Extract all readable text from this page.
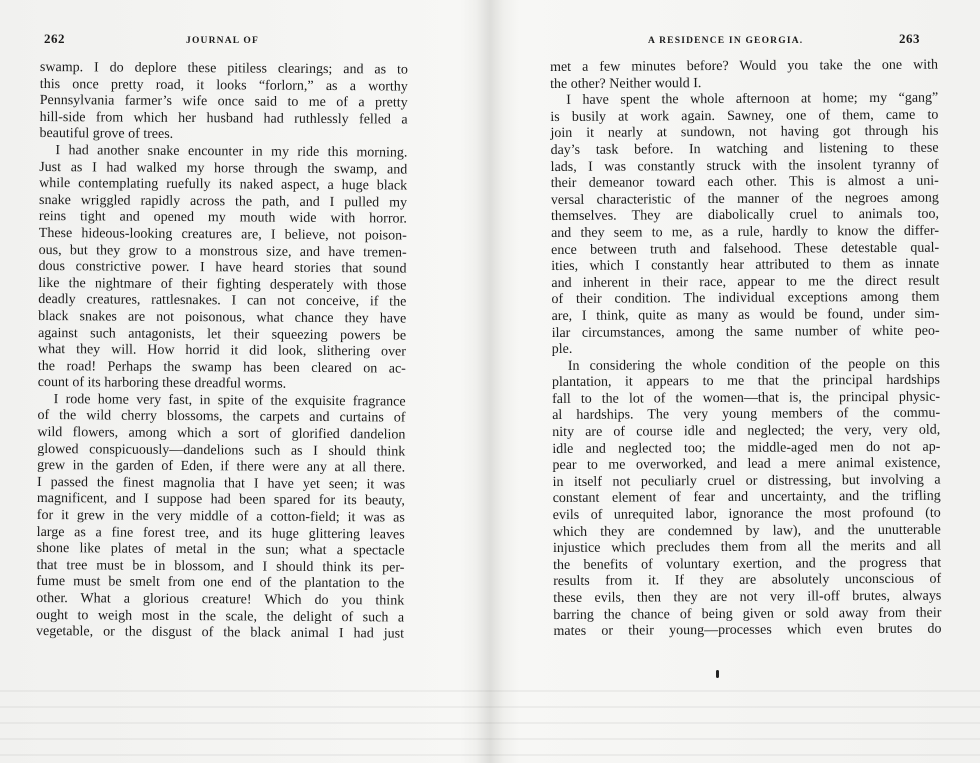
262	JOURNAL OF
swamp. I do deplore these pitiless clearings; and as to
this once pretty road, it looks “forlorn,” as a worthy
Pennsylvania farmer’s wife once said to me of a pretty
hill-side from which her husband had ruthlessly felled a
beautiful grove of trees.
I had another snake encounter in my ride this morning.
Just as I had walked my horse through the swamp, and
while contemplating ruefully its naked aspect, a huge black
snake wriggled rapidly across the path, and I pulled my
reins tight and opened my mouth wide with horror.
These hideous-looking creatures are, I believe, not poison-
ous, but they grow to a monstrous size, and have tremen-
dous constrictive power. I have heard stories that sound
like the nightmare of their fighting desperately with those
deadly creatures, rattlesnakes. I can not conceive, if the
black snakes are not poisonous, what chance they have
against such antagonists, let their squeezing powers be
what they will. How horrid it did look, slithering over
the road! Perhaps the swamp has been cleared on ac-
count of its harboring these dreadful worms.
I rode home very fast, in spite of the exquisite fragrance
of the wild cherry blossoms, the carpets and curtains of
wild flowers, among which a sort of glorified dandelion
glowed conspicuously—dandelions such as I should think
grew in the garden of Eden, if there were any at all there.
I passed the finest magnolia that I have yet seen; it was
magnificent, and I suppose had been spared for its beauty,
for it grew in the very middle of a cotton-field; it was as
large as a fine forest tree, and its huge glittering leaves
shone like plates of metal in the sun; what a spectacle
that tree must be in blossom, and I should think its per-
fume must be smelt from one end of the plantation to the
other. What a glorious creature! Which do you think
ought to weigh most in the scale, the delight of such a
vegetable, or the disgust of the black animal I had just
A RESIDENCE IN GEORGIA.	263
met a few minutes before? Would you take the one with
the other? Neither would I.
I have spent the whole afternoon at home; my “gang”
is busily at work again. Sawney, one of them, came to
join it nearly at sundown, not having got through his
day’s task before. In watching and listening to these
lads, I was constantly struck with the insolent tyranny of
their demeanor toward each other. This is almost a uni-
versal characteristic of the manner of the negroes among
themselves. They are diabolically cruel to animals too,
and they seem to me, as a rule, hardly to know the differ-
ence between truth and falsehood. These detestable qual-
ities, which I constantly hear attributed to them as innate
and inherent in their race, appear to me the direct result
of their condition. The individual exceptions among them
are, I think, quite as many as would be found, under sim-
ilar circumstances, among the same number of white peo-
ple.
In considering the whole condition of the people on this
plantation, it appears to me that the principal hardships
fall to the lot of the women—that is, the principal physic-
al hardships. The very young members of the commu-
nity are of course idle and neglected; the very, very old,
idle and neglected too; the middle-aged men do not ap-
pear to me overworked, and lead a mere animal existence,
in itself not peculiarly cruel or distressing, but involving a
constant element of fear and uncertainty, and the trifling
evils of unrequited labor, ignorance the most profound (to
which they are condemned by law), and the unutterable
injustice which precludes them from all the merits and all
the benefits of voluntary exertion, and the progress that
results from it. If they are absolutely unconscious of
these evils, then they are not very ill-off brutes, always
barring the chance of being given or sold away from their
mates or their young—processes which even brutes do
